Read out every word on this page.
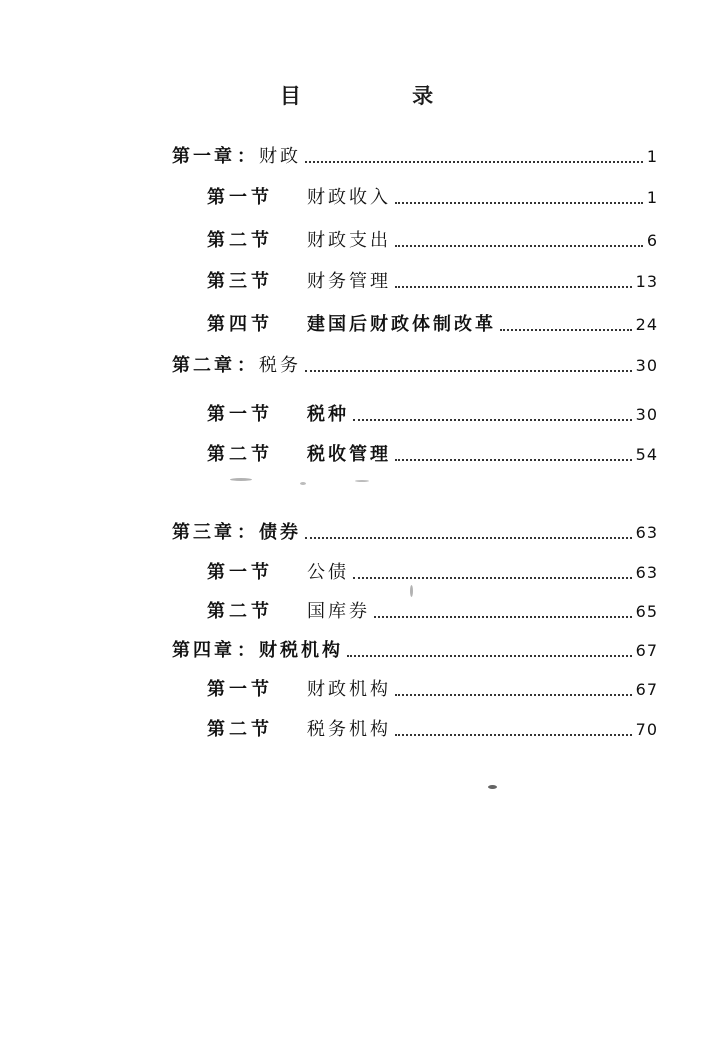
目 录
第一章 ： 财政	1
第一节 财政收入	1
第二节 财政支出	6
第三节 财务管理	13
第四节 建国后财政体制改革	24
第二章 ： 税务	30
第一节 税种	30
第二节 税收管理	54
第三章 ： 债券	63
第一节 公债	63
第二节 国库券	65
第四章 ： 财税机构	67
第一节 财政机构	67
第二节 税务机构	70
